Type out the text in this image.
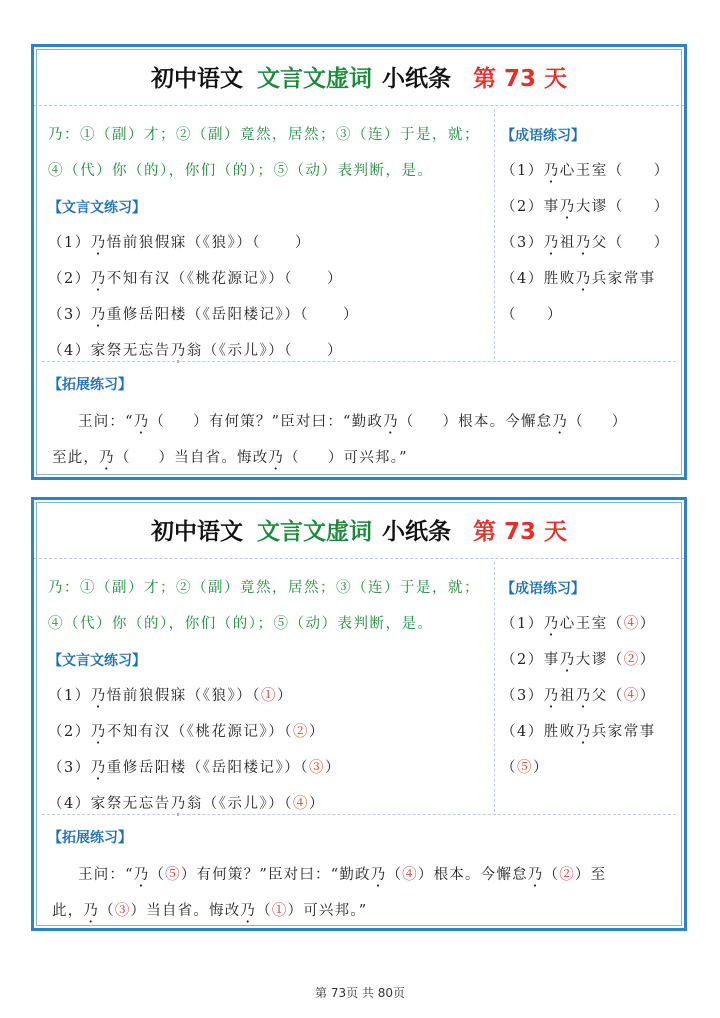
初中语文 文言文虚词 小纸条 第 73 天
乃：①（副）才；②（副）竟然，居然；③（连）于是，就；
④（代）你（的），你们（的）；⑤（动）表判断，是。
【文言文练习】
（1）乃悟前狼假寐（《狼》）（ ）
（2）乃不知有汉（《桃花源记》）（ ）
（3）乃重修岳阳楼（《岳阳楼记》）（ ）
（4）家祭无忘告乃翁（《示儿》）（ ）
【成语练习】
（1）乃心王室（ ）
（2）事乃大谬（ ）
（3）乃祖乃父（ ）
（4）胜败乃兵家常事
（ ）
【拓展练习】
王问：“乃（ ）有何策？”臣对曰：“勤政乃（ ）根本。今懈怠乃（ ）
至此，乃（ ）当自省。悔改乃（ ）可兴邦。”
初中语文 文言文虚词 小纸条 第 73 天
乃：①（副）才；②（副）竟然，居然；③（连）于是，就；
④（代）你（的），你们（的）；⑤（动）表判断，是。
【文言文练习】
（1）乃悟前狼假寐（《狼》）（①）
（2）乃不知有汉（《桃花源记》）（②）
（3）乃重修岳阳楼（《岳阳楼记》）（③）
（4）家祭无忘告乃翁（《示儿》）（④）
【成语练习】
（1）乃心王室（④）
（2）事乃大谬（②）
（3）乃祖乃父（④）
（4）胜败乃兵家常事
（⑤）
【拓展练习】
王问：“乃（⑤）有何策？”臣对曰：“勤政乃（④）根本。今懈怠乃（②）至
此，乃（③）当自省。悔改乃（①）可兴邦。”
第 73页 共 80页
